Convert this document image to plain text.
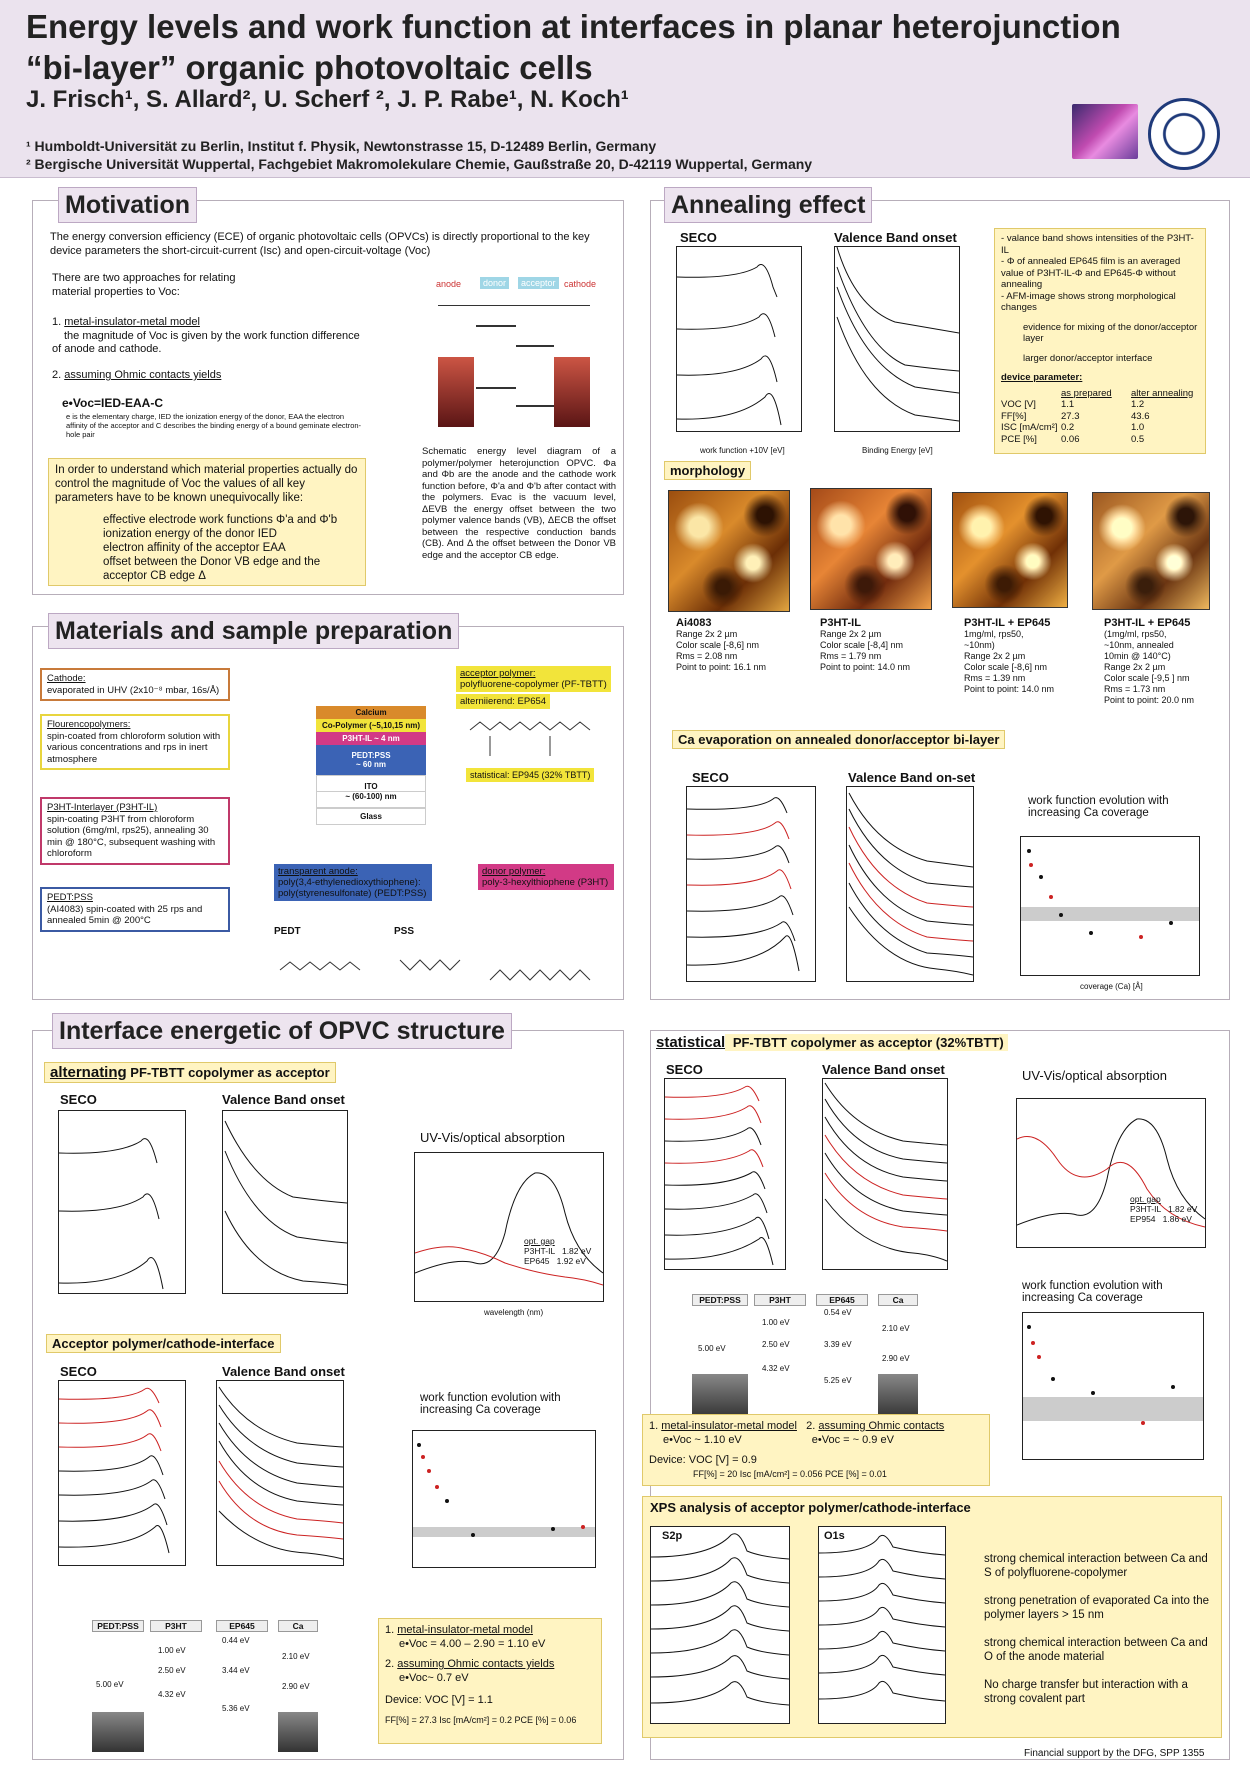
Energy levels and work function at interfaces in planar heterojunction
“bi-layer” organic photovoltaic cells
J. Frisch¹, S. Allard², U. Scherf ², J. P. Rabe¹, N. Koch¹
¹ Humboldt-Universität zu Berlin, Institut f. Physik, Newtonstrasse 15, D-12489 Berlin, Germany
² Bergische Universität Wuppertal, Fachgebiet Makromolekulare Chemie, Gaußstraße 20, D-42119 Wuppertal, Germany
Motivation
The energy conversion efficiency (ECE) of organic photovoltaic cells (OPVCs) is directly proportional to the key device parameters the short-circuit-current (Isc) and open-circuit-voltage (Voc)
There are two approaches for relating material properties to Voc:
1. metal-insulator-metal model
the magnitude of Voc is given by the work function difference of anode and cathode.
2. assuming Ohmic contacts yields
e•Voc=IED-EAA-C
e is the elementary charge, IED the ionization energy of the donor, EAA the electron affinity of the acceptor and C describes the binding energy of a bound geminate electron-hole pair
In order to understand which material properties actually do control the magnitude of Voc the values of all key parameters have to be known unequivocally like:
effective electrode work functions Φ'a and Φ'b
ionization energy of the donor IED
electron affinity of the acceptor EAA
offset between the Donor VB edge and the acceptor CB edge Δ
anode	donor	acceptor cathode
Schematic energy level diagram of a polymer/polymer heterojunction OPVC. Φa and Φb are the anode and the cathode work function before, Φ'a and Φ'b after contact with the polymers. Evac is the vacuum level, ΔEVB the energy offset between the two polymer valence bands (VB), ΔECB the offset between the respective conduction bands (CB). And Δ the offset between the Donor VB edge and the acceptor CB edge.
Annealing effect
SECO	Valence Band onset
work function +10V [eV]	Binding Energy [eV]
- valance band shows intensities of the P3HT-IL
- Φ of annealed EP645 film is an averaged value of P3HT-IL-Φ and EP645-Φ without annealing
- AFM-image shows strong morphological changes
evidence for mixing of the donor/acceptor layer
larger donor/acceptor interface
device parameter:
	as prepared	alter annealing
VOC [V]	1.1	1.2
FF[%]	27.3	43.6
ISC [mA/cm²]	0.2	1.0
PCE [%]	0.06	0.5
morphology
Ai4083
Range 2x 2 µm
Color scale [-8,6] nm
Rms = 2.08 nm
Point to point: 16.1 nm
P3HT-IL
Range 2x 2 µm
Color scale [-8,4] nm
Rms = 1.79 nm
Point to point: 14.0 nm
P3HT-IL + EP645
1mg/ml, rps50,
~10nm)
Range 2x 2 µm
Color scale [-8,6] nm
Rms = 1.39 nm
Point to point: 14.0 nm
P3HT-IL + EP645
(1mg/ml, rps50,
~10nm, annealed
10min @ 140°C)
Range 2x 2 µm
Color scale [-9,5 ] nm
Rms = 1.73 nm
Point to point: 20.0 nm
Ca evaporation on annealed donor/acceptor bi-layer
SECO	Valence Band on-set
work function evolution with increasing Ca coverage
coverage (Ca) [Å]
Materials and sample preparation
Cathode:
evaporated in UHV (2x10⁻⁸ mbar, 16s/Å)
Flourencopolymers:
spin-coated from chloroform solution with various concentrations and rps in inert atmosphere
P3HT-Interlayer (P3HT-IL)
spin-coating P3HT from chloroform solution (6mg/ml, rps25), annealing 30 min @ 180°C, subsequent washing with chloroform
PEDT:PSS
(AI4083) spin-coated with 25 rps and annealed 5min @ 200°C
Calcium
Co-Polymer (~5,10,15 nm)
P3HT-IL ~ 4 nm
PEDT:PSS
~ 60 nm
ITO
~ (60-100) nm
Glass
acceptor polymer:
polyfluorene-copolymer (PF-TBTT)
alterniierend: EP654
statistical: EP945 (32% TBTT)
transparent anode:
poly(3,4-ethylenedioxythiophene): poly(styrenesulfonate) (PEDT:PSS)
donor polymer:
poly-3-hexylthiophene (P3HT)
PEDT	PSS
Interface energetic of OPVC structure
alternating PF-TBTT copolymer as acceptor
SECO	Valence Band onset
UV-Vis/optical absorption
wavelength (nm)
opt. gap
P3HT-IL 1.82 eV
EP645 1.92 eV
Acceptor polymer/cathode-interface
SECO	Valence Band onset
work function evolution with increasing Ca coverage
PEDT:PSS	P3HT	EP645	Ca
5.00 eV
1.00 eV
2.50 eV
4.32 eV
0.44 eV
3.44 eV
5.36 eV
2.10 eV
2.90 eV
1. metal-insulator-metal model
e•Voc = 4.00 – 2.90 = 1.10 eV
2. assuming Ohmic contacts yields
e•Voc~ 0.7 eV
Device: VOC [V] = 1.1
FF[%] = 27.3 Isc [mA/cm²] = 0.2 PCE [%] = 0.06
statistical PF-TBTT copolymer as acceptor (32%TBTT)
SECO	Valence Band onset	UV-Vis/optical absorption
opt. gap
P3HT-IL 1.82 eV
EP954 1.86 eV
work function evolution with increasing Ca coverage
PEDT:PSS	P3HT	EP645	Ca
5.00 eV
1.00 eV
2.50 eV
4.32 eV
0.54 eV
3.39 eV
5.25 eV
2.10 eV
2.90 eV
1. metal-insulator-metal model   2. assuming Ohmic contacts
e•Voc ~ 1.10 eV	e•Voc = ~ 0.9 eV
Device: VOC [V] = 0.9
FF[%] = 20 Isc [mA/cm²] = 0.056 PCE [%] = 0.01
XPS analysis of acceptor polymer/cathode-interface
S2p	O1s
strong chemical interaction between Ca and S of polyfluorene-copolymer
strong penetration of evaporated Ca into the polymer layers > 15 nm
strong chemical interaction between Ca and O of the anode material
No charge transfer but interaction with a strong covalent part
Financial support by the DFG, SPP 1355
